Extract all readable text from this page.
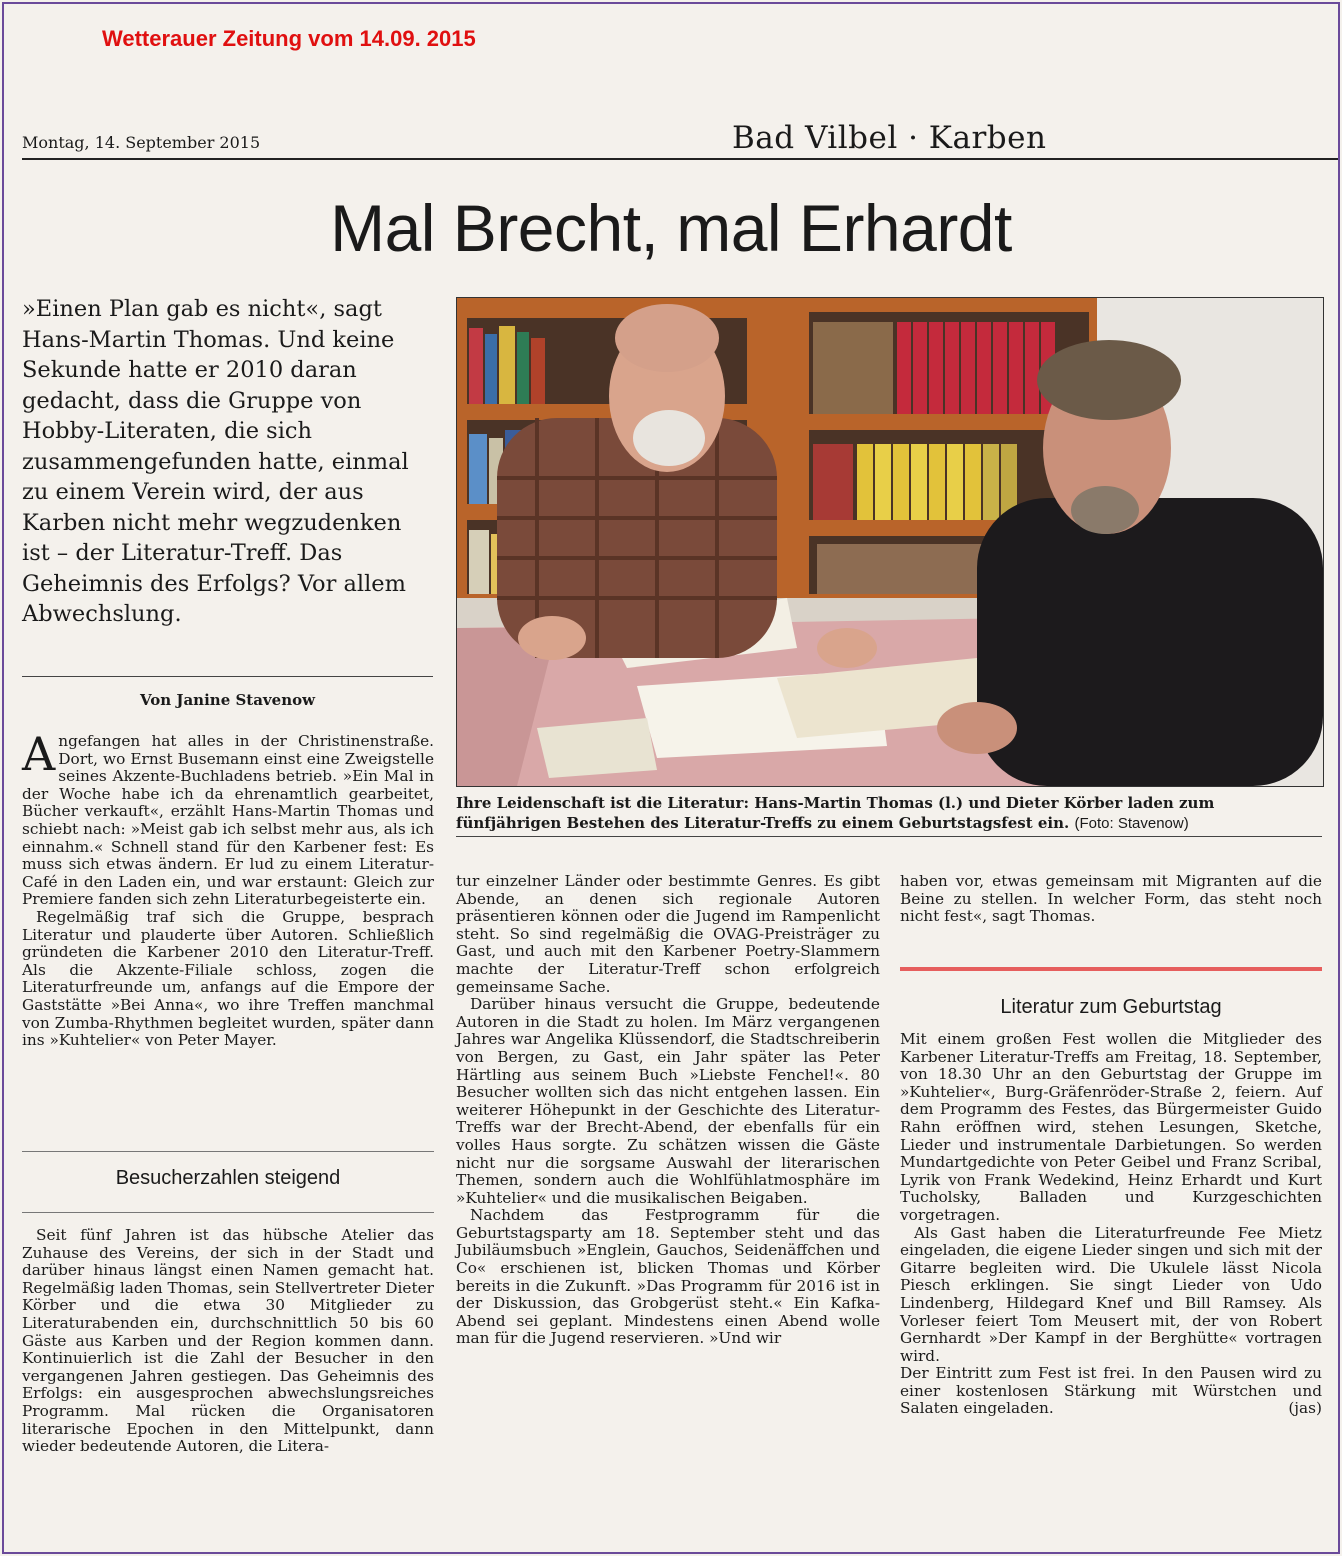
Wetterauer Zeitung vom 14.09. 2015
Montag, 14. September 2015	Bad Vilbel · Karben
Mal Brecht, mal Erhardt
»Einen Plan gab es nicht«, sagt Hans-Martin Thomas. Und keine Sekunde hatte er 2010 daran gedacht, dass die Gruppe von Hobby-Literaten, die sich zusammengefunden hatte, einmal zu einem Verein wird, der aus Karben nicht mehr wegzudenken ist – der Literatur-Treff. Das Geheimnis des Erfolgs? Vor allem Abwechslung.
Von Janine Stavenow
Ihre Leidenschaft ist die Literatur: Hans-Martin Thomas (l.) und Dieter Körber laden zum fünfjährigen Bestehen des Literatur-Treffs zu einem Geburtstagsfest ein. (Foto: Stavenow)

Angefangen hat alles in der Christinenstraße. Dort, wo Ernst Busemann einst eine Zweigstelle seines Akzente-Buchladens betrieb. »Ein Mal in der Woche habe ich da ehrenamtlich gearbeitet, Bücher verkauft«, erzählt Hans-Martin Thomas und schiebt nach: »Meist gab ich selbst mehr aus, als ich einnahm.« Schnell stand für den Karbener fest: Es muss sich etwas ändern. Er lud zu einem Literatur-Café in den Laden ein, und war erstaunt: Gleich zur Premiere fanden sich zehn Literaturbegeisterte ein.

Regelmäßig traf sich die Gruppe, besprach Literatur und plauderte über Autoren. Schließlich gründeten die Karbener 2010 den Literatur-Treff. Als die Akzente-Filiale schloss, zogen die Literaturfreunde um, anfangs auf die Empore der Gaststätte »Bei Anna«, wo ihre Treffen manchmal von Zumba-Rhythmen begleitet wurden, später dann ins »Kuhtelier« von Peter Mayer.

Besucherzahlen steigend

Seit fünf Jahren ist das hübsche Atelier das Zuhause des Vereins, der sich in der Stadt und darüber hinaus längst einen Namen gemacht hat. Regelmäßig laden Thomas, sein Stellvertreter Dieter Körber und die etwa 30 Mitglieder zu Literaturabenden ein, durchschnittlich 50 bis 60 Gäste aus Karben und der Region kommen dann. Kontinuierlich ist die Zahl der Besucher in den vergangenen Jahren gestiegen. Das Geheimnis des Erfolgs: ein ausgesprochen abwechslungsreiches Programm. Mal rücken die Organisatoren literarische Epochen in den Mittelpunkt, dann wieder bedeutende Autoren, die Litera-

tur einzelner Länder oder bestimmte Genres. Es gibt Abende, an denen sich regionale Autoren präsentieren können oder die Jugend im Rampenlicht steht. So sind regelmäßig die OVAG-Preisträger zu Gast, und auch mit den Karbener Poetry-Slammern machte der Literatur-Treff schon erfolgreich gemeinsame Sache.

Darüber hinaus versucht die Gruppe, bedeutende Autoren in die Stadt zu holen. Im März vergangenen Jahres war Angelika Klüssendorf, die Stadtschreiberin von Bergen, zu Gast, ein Jahr später las Peter Härtling aus seinem Buch »Liebste Fenchel!«. 80 Besucher wollten sich das nicht entgehen lassen. Ein weiterer Höhepunkt in der Geschichte des Literatur-Treffs war der Brecht-Abend, der ebenfalls für ein volles Haus sorgte. Zu schätzen wissen die Gäste nicht nur die sorgsame Auswahl der literarischen Themen, sondern auch die Wohlfühlatmosphäre im »Kuhtelier« und die musikalischen Beigaben.

Nachdem das Festprogramm für die Geburtstagsparty am 18. September steht und das Jubiläumsbuch »Englein, Gauchos, Seidenäffchen und Co« erschienen ist, blicken Thomas und Körber bereits in die Zukunft. »Das Programm für 2016 ist in der Diskussion, das Grobgerüst steht.« Ein Kafka-Abend sei geplant. Mindestens einen Abend wolle man für die Jugend reservieren. »Und wir

haben vor, etwas gemeinsam mit Migranten auf die Beine zu stellen. In welcher Form, das steht noch nicht fest«, sagt Thomas.

Literatur zum Geburtstag

Mit einem großen Fest wollen die Mitglieder des Karbener Literatur-Treffs am Freitag, 18. September, von 18.30 Uhr an den Geburtstag der Gruppe im »Kuhtelier«, Burg-Gräfenröder-Straße 2, feiern. Auf dem Programm des Festes, das Bürgermeister Guido Rahn eröffnen wird, stehen Lesungen, Sketche, Lieder und instrumentale Darbietungen. So werden Mundartgedichte von Peter Geibel und Franz Scribal, Lyrik von Frank Wedekind, Heinz Erhardt und Kurt Tucholsky, Balladen und Kurzgeschichten vorgetragen.

Als Gast haben die Literaturfreunde Fee Mietz eingeladen, die eigene Lieder singen und sich mit der Gitarre begleiten wird. Die Ukulele lässt Nicola Piesch erklingen. Sie singt Lieder von Udo Lindenberg, Hildegard Knef und Bill Ramsey. Als Vorleser feiert Tom Meusert mit, der von Robert Gernhardt »Der Kampf in der Berghütte« vortragen wird.

Der Eintritt zum Fest ist frei. In den Pausen wird zu einer kostenlosen Stärkung mit Würstchen und Salaten eingeladen.	(jas)
